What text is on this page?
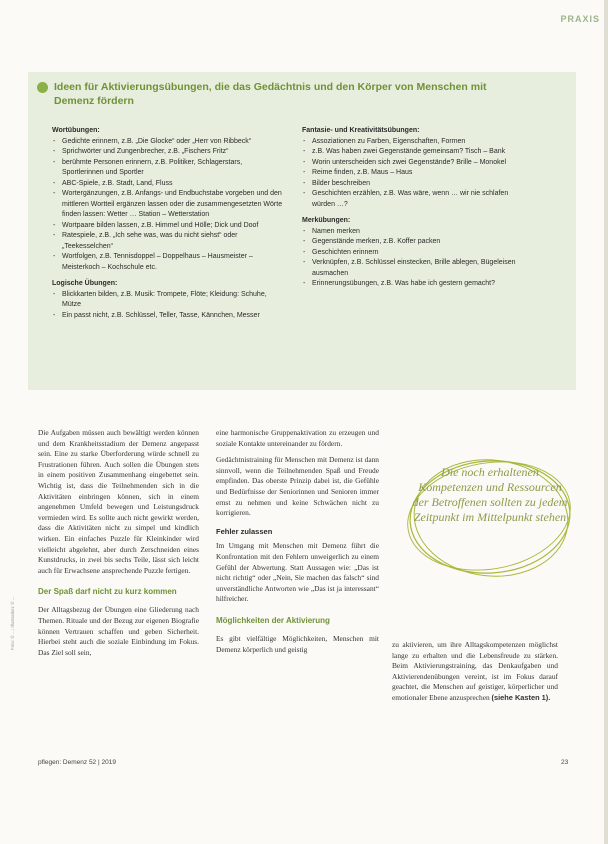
PRAXIS
Ideen für Aktivierungsübungen, die das Gedächtnis und den Körper von Menschen mit Demenz fördern
Wortübungen:
- Gedichte erinnern, z.B. „Die Glocke“ oder „Herr von Ribbeck“
- Sprichwörter und Zungenbrecher, z.B. „Fischers Fritz“
- berühmte Personen erinnern, z.B. Politiker, Schlagerstars, Sportlerinnen und Sportler
- ABC-Spiele, z.B. Stadt, Land, Fluss
- Wortergänzungen, z.B. Anfangs- und Endbuchstabe vorgeben und den mittleren Wortteil ergänzen lassen oder die zusammengesetzten Wörte finden lassen: Wetter … Station – Wetterstation
- Wortpaare bilden lassen, z.B. Himmel und Hölle; Dick und Doof
- Ratespiele, z.B. „Ich sehe was, was du nicht siehst“ oder „Teekesselchen“
- Wortfolgen, z.B. Tennisdoppel – Doppelhaus – Hausmeister – Meisterkoch – Kochschule etc.
Logische Übungen:
- Blickkarten bilden, z.B. Musik: Trompete, Flöte; Kleidung: Schuhe, Mütze
- Ein passt nicht, z.B. Schlüssel, Teller, Tasse, Kännchen, Messer
Fantasie- und Kreativitätsübungen:
- Assoziationen zu Farben, Eigenschaften, Formen
- z.B. Was haben zwei Gegenstände gemeinsam? Tisch – Bank
- Worin unterscheiden sich zwei Gegenstände? Brille – Monokel
- Reime finden, z.B. Maus – Haus
- Bilder beschreiben
- Geschichten erzählen, z.B. Was wäre, wenn … wir nie schlafen würden …?
Merkübungen:
- Namen merken
- Gegenstände merken, z.B. Koffer packen
- Geschichten erinnern
- Verknüpfen, z.B. Schlüssel einstecken, Brille ablegen, Bügeleisen ausmachen
- Erinnerungsübungen, z.B. Was habe ich gestern gemacht?

Die Aufgaben müssen auch bewältigt werden können und dem Krankheitsstadium der Demenz angepasst sein. Eine zu starke Überforderung würde schnell zu Frustrationen führen. Auch sollen die Übungen stets in einem positiven Zusammenhang eingebettet sein. Wichtig ist, dass die Teilnehmenden sich in die Aktivitäten einbringen können, sich in einem angenehmen Umfeld bewegen und Leistungsdruck vermieden wird. Es sollte auch nicht gewirkt werden, dass die Aktivitäten nicht zu simpel und kindlich wirken. Ein einfaches Puzzle für Kleinkinder wird vielleicht abgelehnt, aber durch Zerschneiden eines Kunstdrucks, in zwei bis sechs Teile, lässt sich leicht auch für Erwachsene ansprechende Puzzle fertigen.

Der Spaß darf nicht zu kurz kommen

Der Alltagsbezug der Übungen eine Gliederung nach Themen. Rituale und der Bezug zur eigenen Biografie können Vertrauen schaffen und geben Sicherheit. Hierbei steht auch die soziale Einbindung im Fokus. Das Ziel soll sein,

eine harmonische Gruppenaktivation zu erzeugen und soziale Kontakte untereinander zu fördern.

Gedächtnistraining für Menschen mit Demenz ist dann sinnvoll, wenn die Teilnehmenden Spaß und Freude empfinden. Das oberste Prinzip dabei ist, die Gefühle und Bedürfnisse der Seniorinnen und Senioren immer ernst zu nehmen und keine Schwächen nicht zu korrigieren.

Fehler zulassen

Im Umgang mit Menschen mit Demenz führt die Konfrontation mit den Fehlern unweigerlich zu einem Gefühl der Abwertung. Statt Aussagen wie: „Das ist nicht richtig“ oder „Nein, Sie machen das falsch“ sind unverständliche Antworten wie „Das ist ja interessant“ hilfreicher.

Möglichkeiten der Aktivierung

Es gibt vielfältige Möglichkeiten, Menschen mit Demenz körperlich und geistig	zu aktivieren, um ihre Alltagskompetenzen möglichst lange zu erhalten und die Lebensfreude zu stärken. Beim Aktivierungstraining, das Denkaufgaben und Aktivierendenübungen vereint, ist im Fokus darauf geachtet, die Menschen auf geistiger, körperlicher und emotionaler Ebene anzusprechen (siehe Kasten 1).

Die noch erhaltenen Kompetenzen und Ressourcen der Betroffenen sollten zu jedem Zeitpunkt im Mittelpunkt stehen
Foto: © ...; Illustration: © ...
pflegen: Demenz 52 | 2019	23
